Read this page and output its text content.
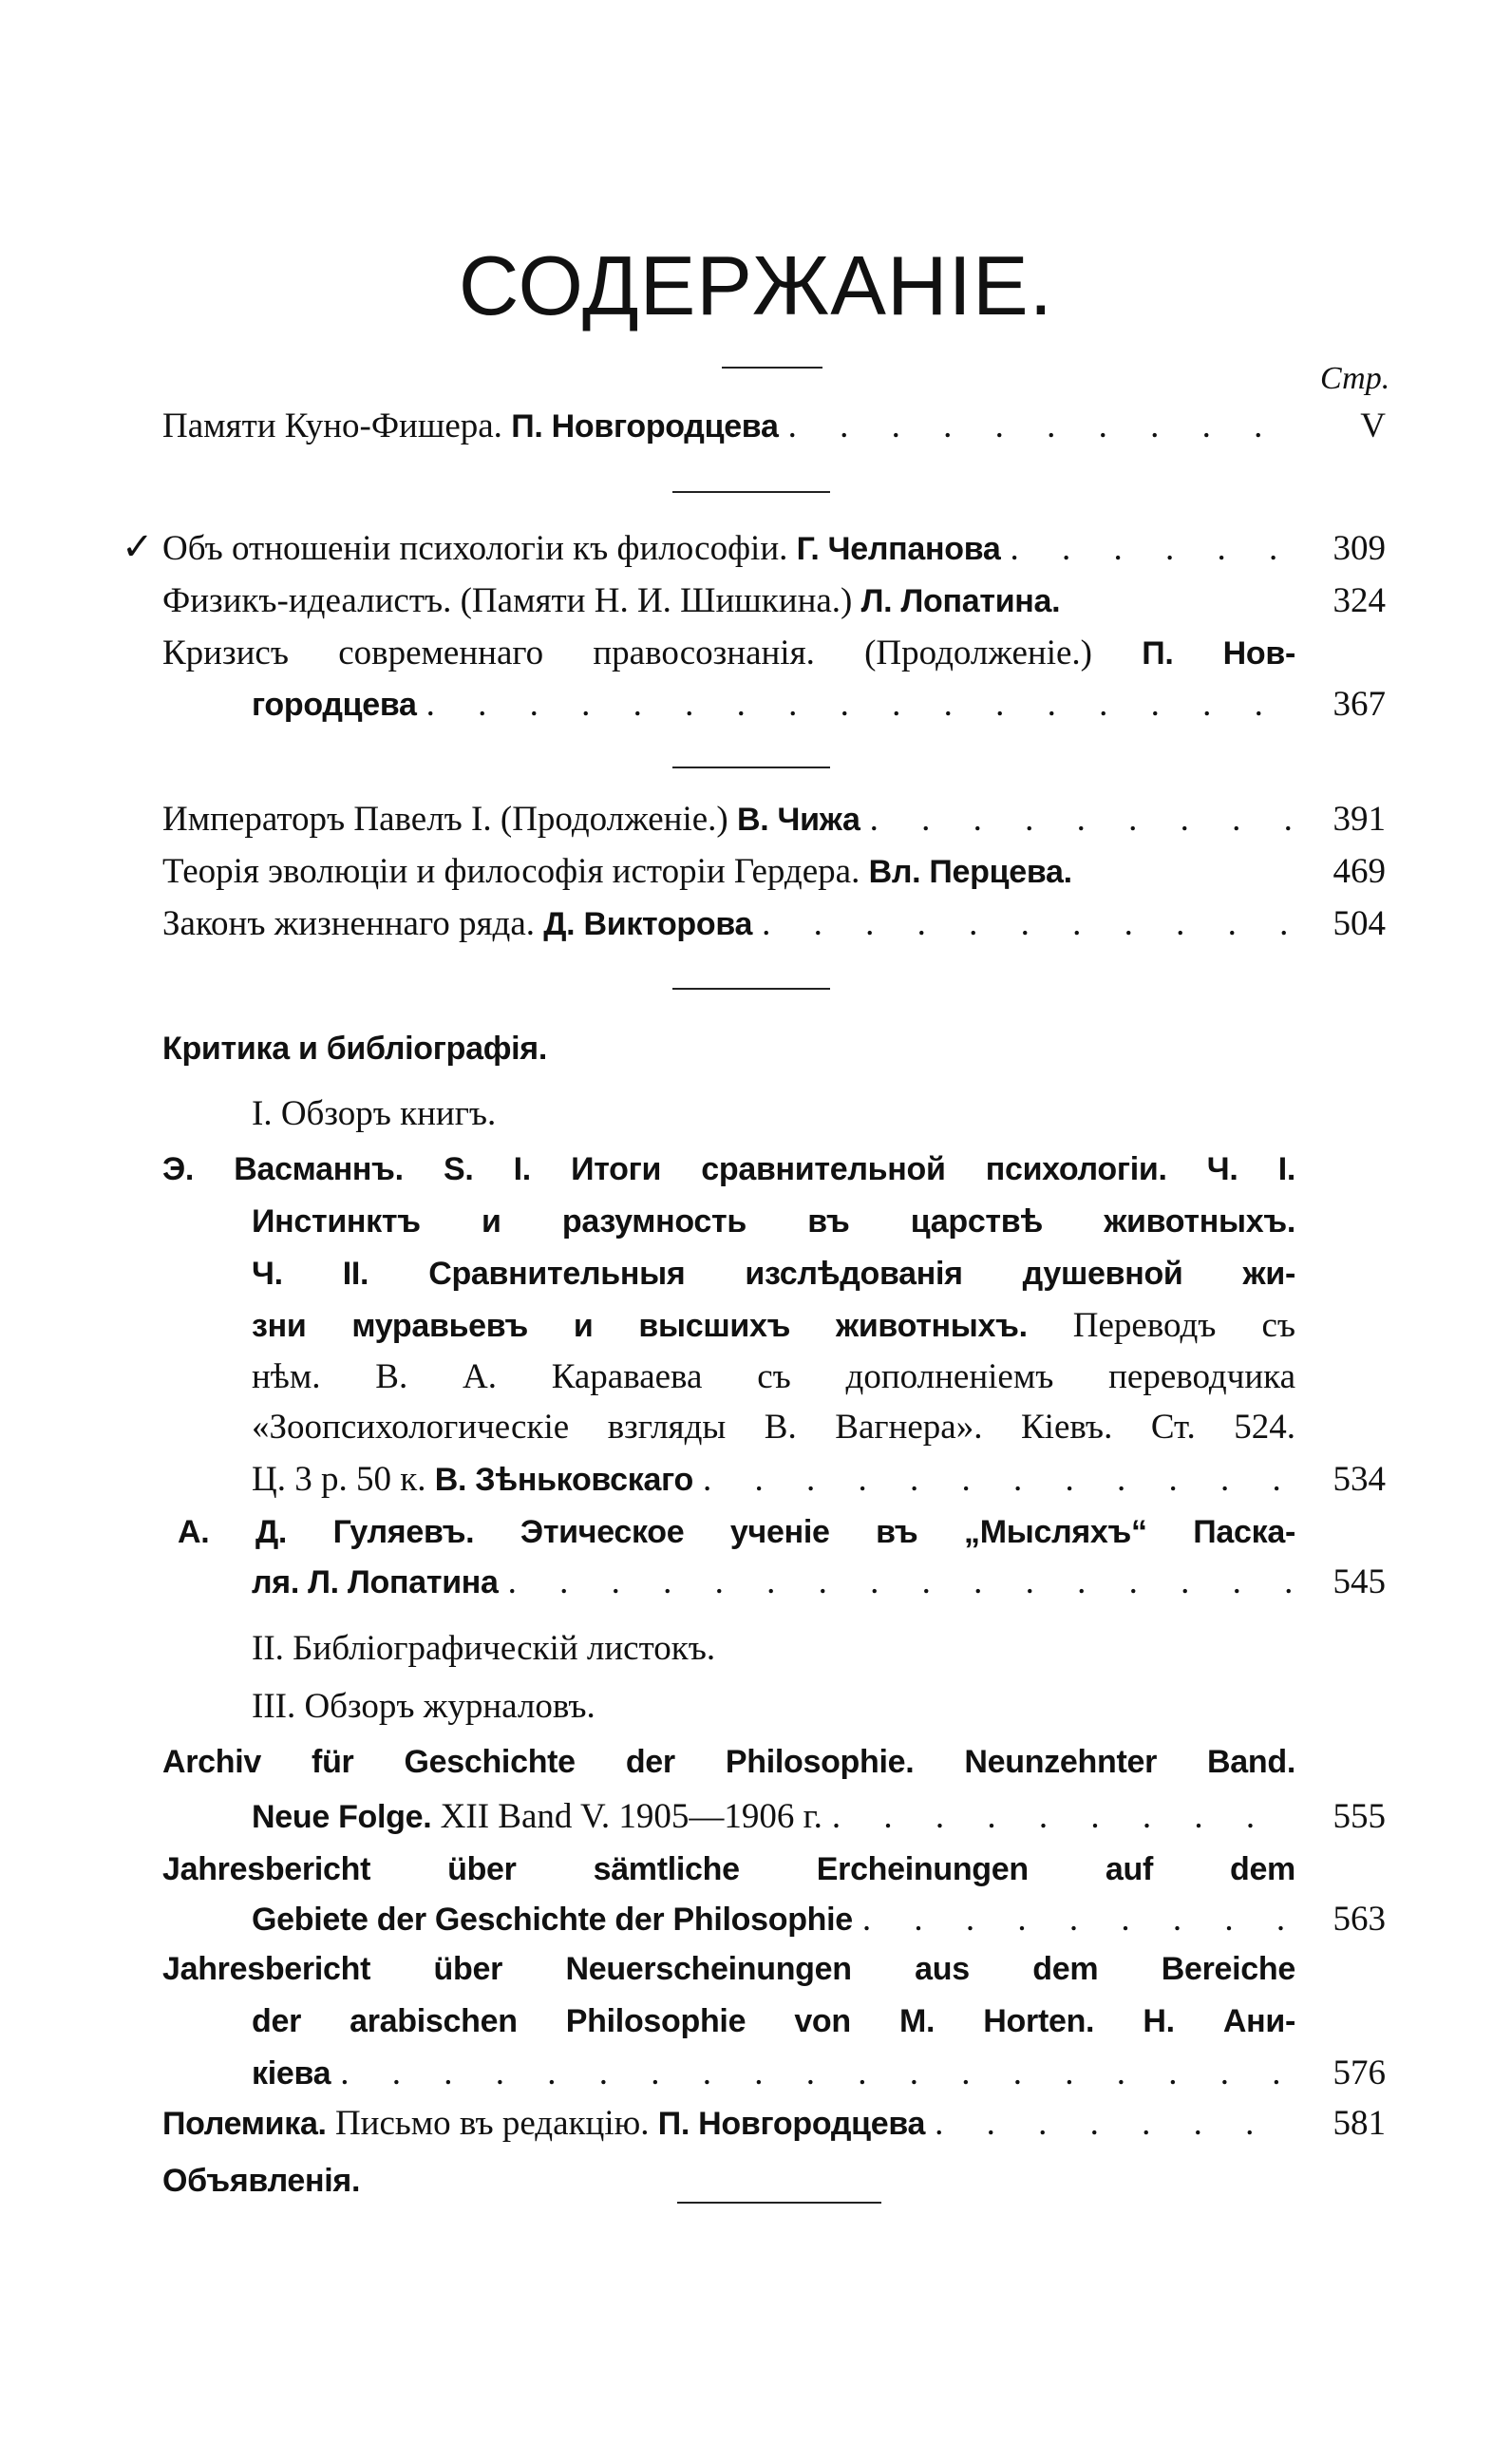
СОДЕРЖАНІЕ.
Стр.
✓
Памяти Куно-Фишера. П. Новгородцева . . .	V
Объ отношеніи психологіи къ философіи. Г. Челпанова . . .	309
Физикъ-идеалистъ. (Памяти Н. И. Шишкина.) Л. Лопатина.	324
Кризисъ современнаго правосознанія. (Продолженіе.) П. Нов-
городцева . . .	367
Императоръ Павелъ I. (Продолженіе.) В. Чижа . . .	391
Теорія эволюціи и философія исторіи Гердера. Вл. Перцева.	469
Законъ жизненнаго ряда. Д. Викторова . . .	504
Критика и библіографія.
I. Обзоръ книгъ.
Э. Васманнъ. S. I. Итоги сравнительной психологіи. Ч. I.
Инстинктъ и разумность въ царствѣ животныхъ.
Ч. II. Сравнительныя изслѣдованія душевной жи-
зни муравьевъ и высшихъ животныхъ. Переводъ съ
нѣм. В. А. Караваева съ дополненіемъ переводчика
«Зоопсихологическіе взгляды В. Вагнера». Кіевъ. Ст. 524.
Ц. 3 р. 50 к. В. Зѣньковскаго . . .	534
А. Д. Гуляевъ. Этическое ученіе въ „Мысляхъ“ Паска-
ля. Л. Лопатина . . .	545
II. Библіографическій листокъ.
III. Обзоръ журналовъ.
Archiv für Geschichte der Philosophie. Neunzehnter Band.
Neue Folge. XII Band V. 1905—1906 г. . . .	555
Jahresbericht über sämtliche Ercheinungen auf dem
Gebiete der Geschichte der Philosophie . . .	563
Jahresbericht über Neuerscheinungen aus dem Bereiche
der arabischen Philosophie von M. Horten. H. Ани-
кіева . . .	576
Полемика. Письмо въ редакцію. П. Новгородцева . . .	581
Объявленія.
